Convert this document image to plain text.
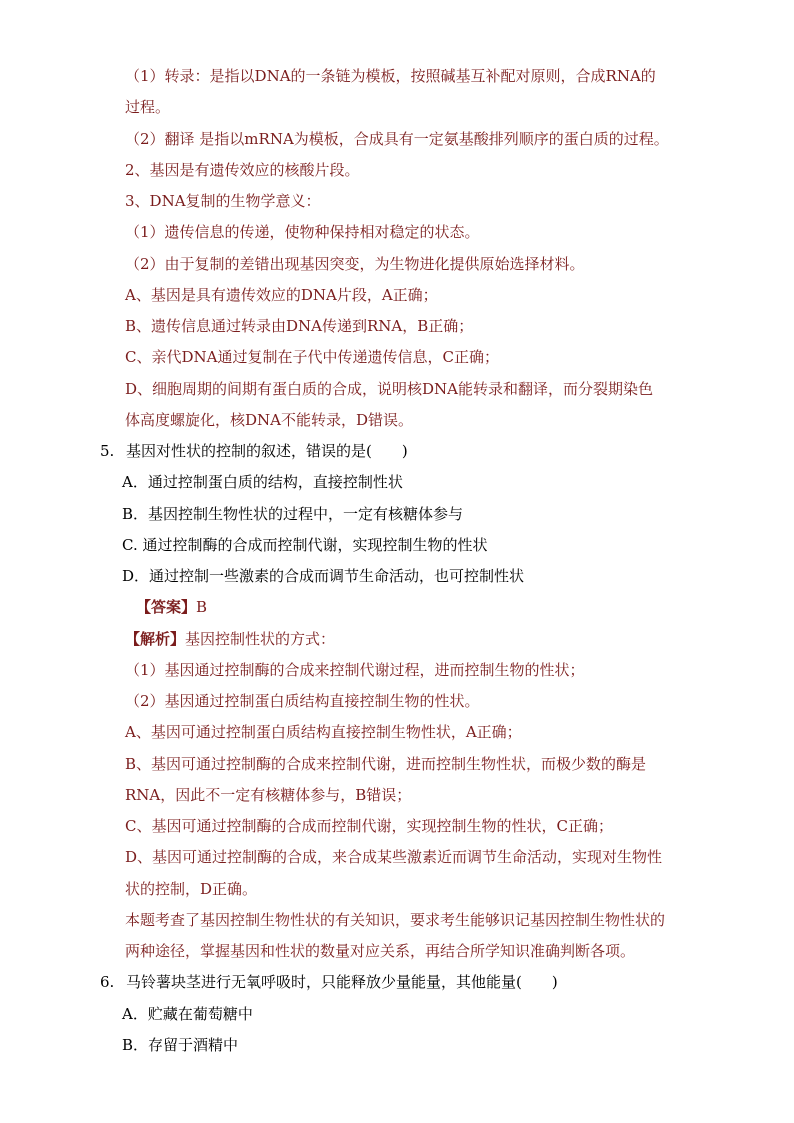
（1）转录：是指以DNA的一条链为模板，按照碱基互补配对原则，合成RNA的

过程。

（2）翻译 是指以mRNA为模板，合成具有一定氨基酸排列顺序的蛋白质的过程。

2、基因是有遗传效应的核酸片段。

3、DNA复制的生物学意义：

（1）遗传信息的传递，使物种保持相对稳定的状态。

（2）由于复制的差错出现基因突变，为生物进化提供原始选择材料。

A、基因是具有遗传效应的DNA片段，A正确；

B、遗传信息通过转录由DNA传递到RNA，B正确；

C、亲代DNA通过复制在子代中传递遗传信息，C正确；

D、细胞周期的间期有蛋白质的合成，说明核DNA能转录和翻译，而分裂期染色

体高度螺旋化，核DNA不能转录，D错误。

5. 基因对性状的控制的叙述，错误的是(　　)

A．通过控制蛋白质的结构，直接控制性状

B．基因控制生物性状的过程中，一定有核糖体参与

C. 通过控制酶的合成而控制代谢，实现控制生物的性状

D．通过控制一些激素的合成而调节生命活动，也可控制性状

【答案】B

【解析】基因控制性状的方式：

（1）基因通过控制酶的合成来控制代谢过程，进而控制生物的性状；

（2）基因通过控制蛋白质结构直接控制生物的性状。

A、基因可通过控制蛋白质结构直接控制生物性状，A正确；

B、基因可通过控制酶的合成来控制代谢，进而控制生物性状，而极少数的酶是

RNA，因此不一定有核糖体参与，B错误；

C、基因可通过控制酶的合成而控制代谢，实现控制生物的性状，C正确；

D、基因可通过控制酶的合成，来合成某些激素近而调节生命活动，实现对生物性

状的控制，D正确。

本题考查了基因控制生物性状的有关知识，要求考生能够识记基因控制生物性状的

两种途径，掌握基因和性状的数量对应关系，再结合所学知识准确判断各项。

6. 马铃薯块茎进行无氧呼吸时，只能释放少量能量，其他能量(　　)

A．贮藏在葡萄糖中

B．存留于酒精中
